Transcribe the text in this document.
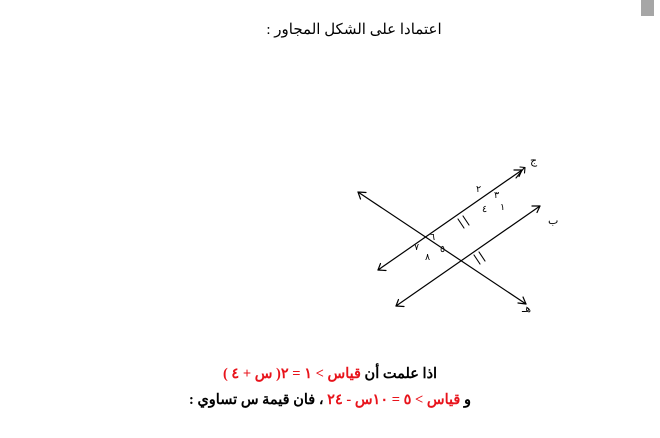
اعتمادا على الشكل المجاور :
ج
ب
هـ
٦
٧
٨
٥
٢
٣
١
٤
اذا علمت أن قياس > ١ = ٢( س + ٤ )
و قياس > ٥ = ١٠س - ٢٤ ، فان قيمة س تساوي :
